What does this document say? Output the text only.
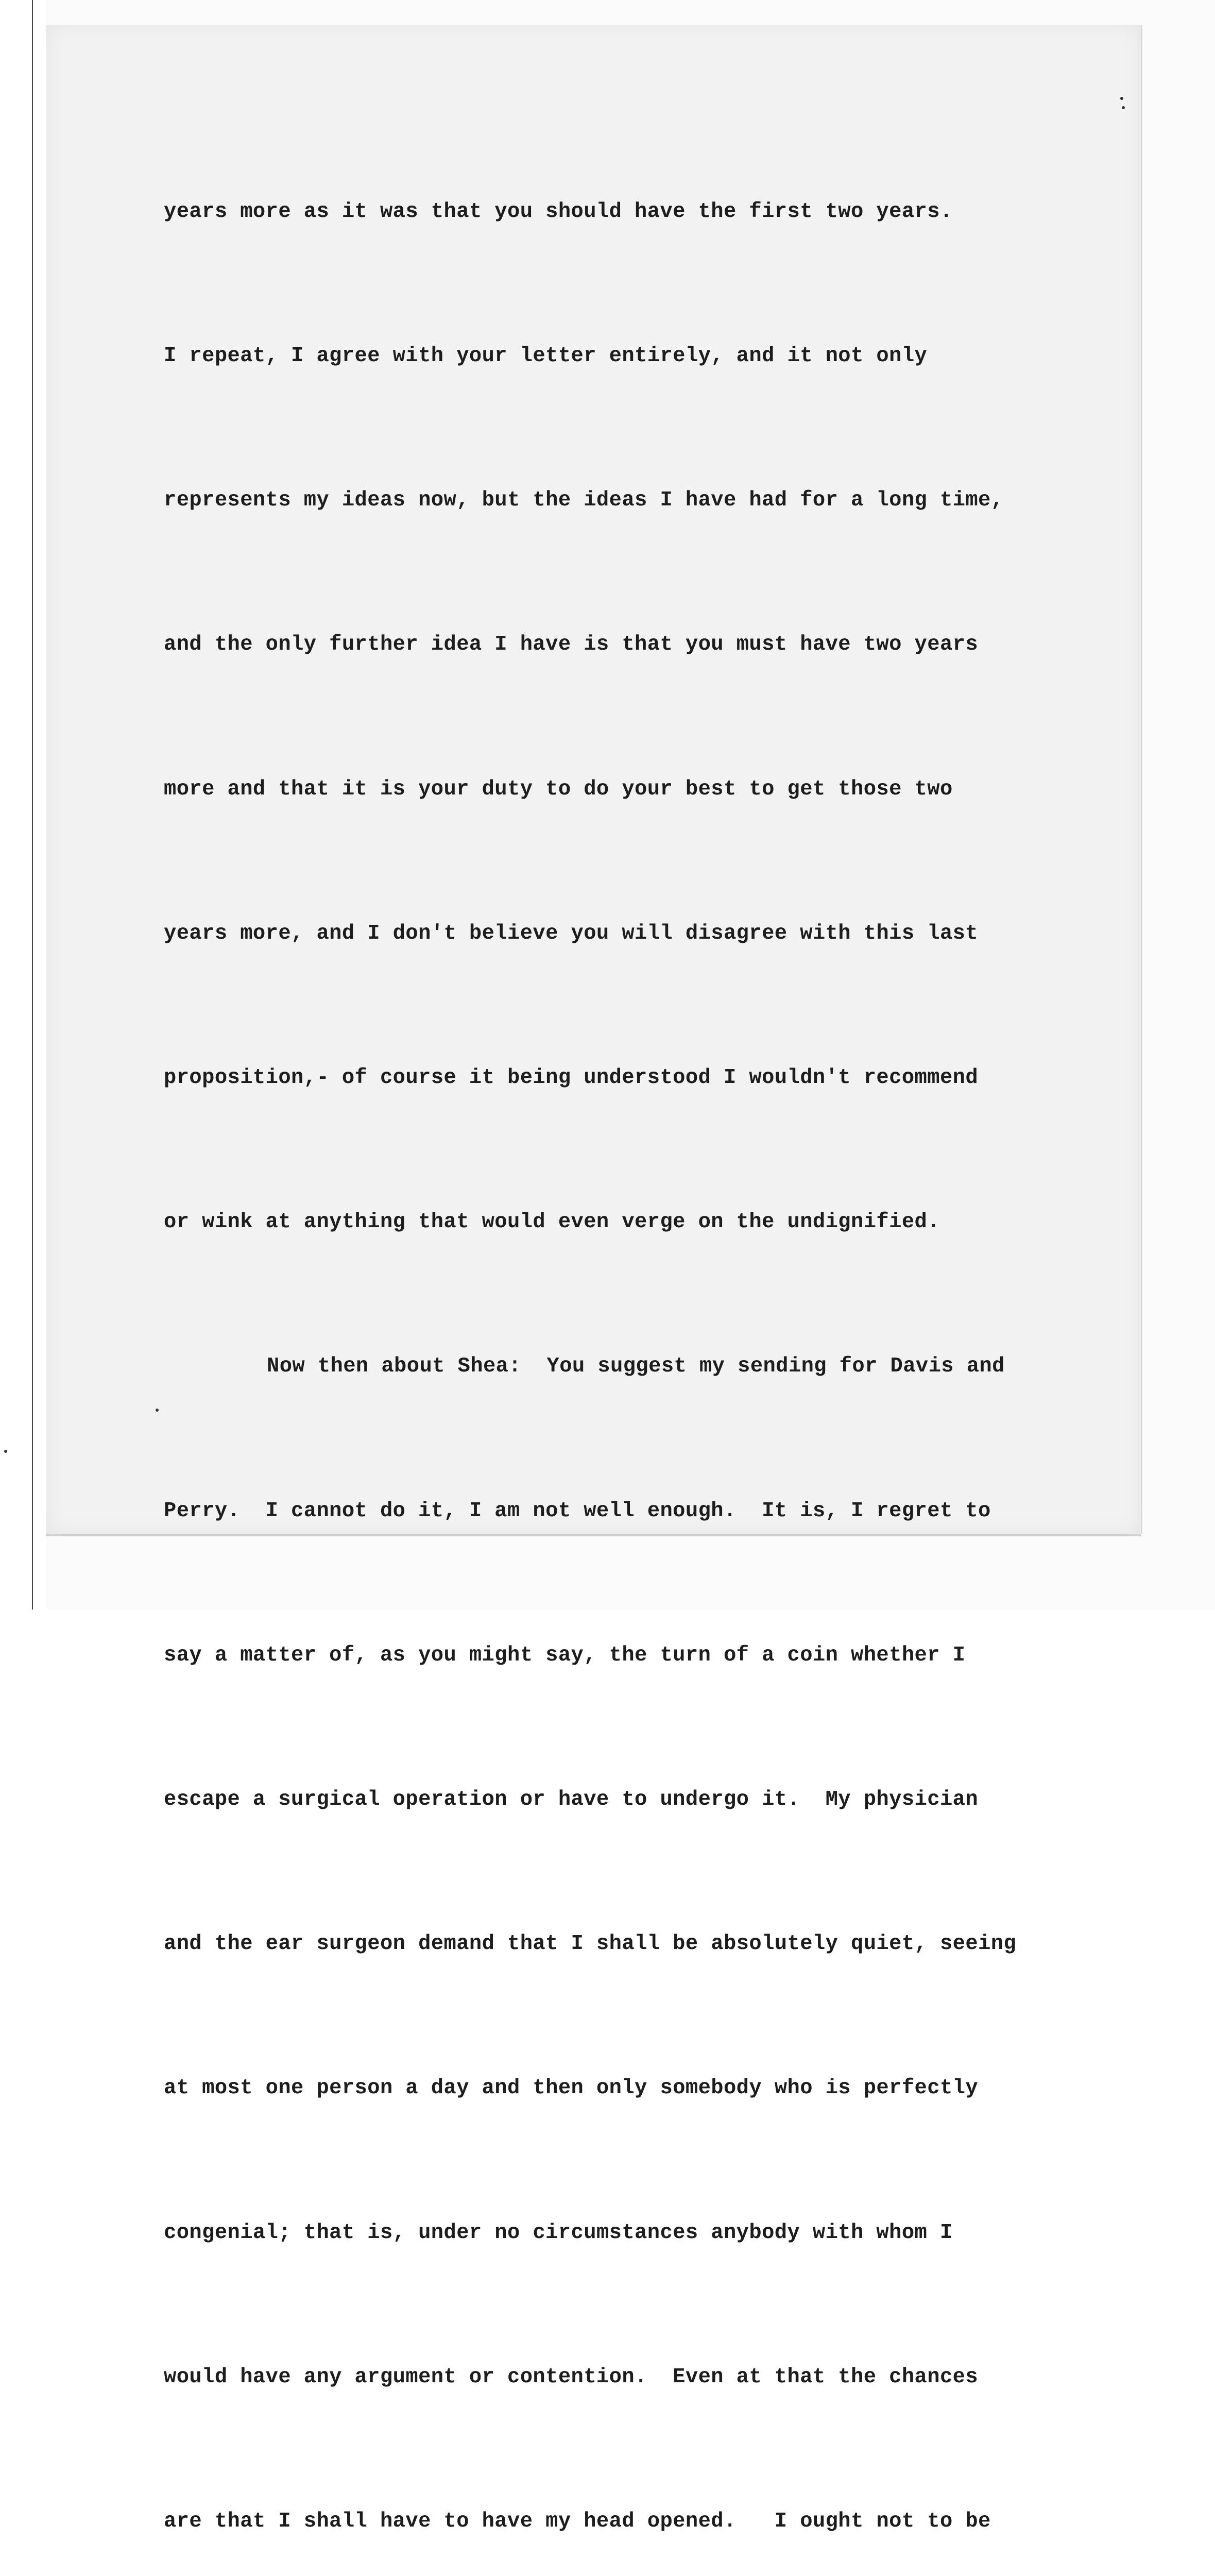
years more as it was that you should have the first two years.

I repeat, I agree with your letter entirely, and it not only

represents my ideas now, but the ideas I have had for a long time,

and the only further idea I have is that you must have two years

more and that it is your duty to do your best to get those two

years more, and I don't believe you will disagree with this last

proposition,- of course it being understood I wouldn't recommend

or wink at anything that would even verge on the undignified.

Now then about Shea:  You suggest my sending for Davis and

Perry.  I cannot do it, I am not well enough.  It is, I regret to

say a matter of, as you might say, the turn of a coin whether I

escape a surgical operation or have to undergo it.  My physician

and the ear surgeon demand that I shall be absolutely quiet, seeing

at most one person a day and then only somebody who is perfectly

congenial; that is, under no circumstances anybody with whom I

would have any argument or contention.  Even at that the chances

are that I shall have to have my head opened.   I ought not to be
